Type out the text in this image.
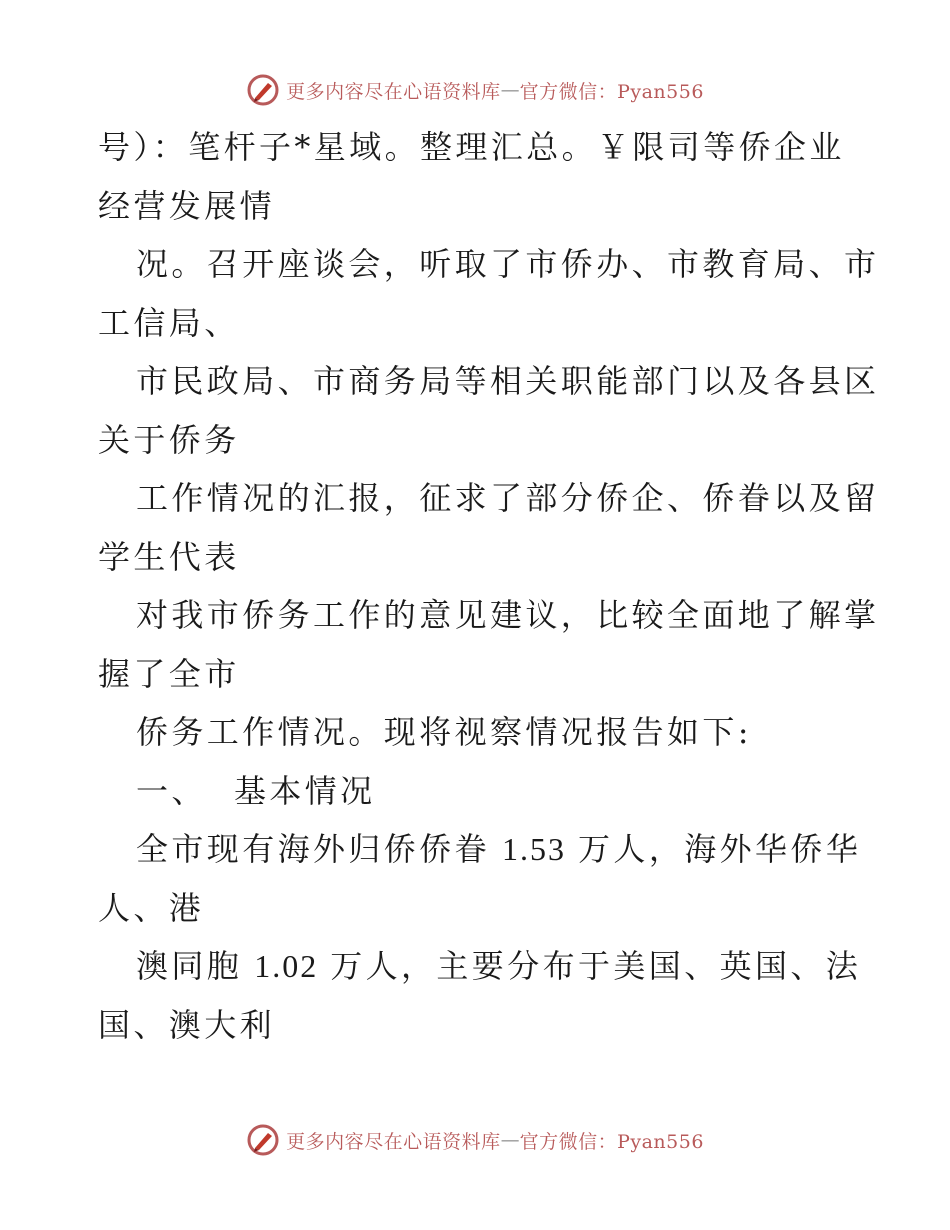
更多内容尽在心语资料库 — 官方微信：Pyan556
号）：笔杆子*星域。整理汇总。￥限司等侨企业
经营发展情
况。召开座谈会，听取了市侨办、市教育局、市
工信局、
市民政局、市商务局等相关职能部门以及各县区
关于侨务
工作情况的汇报，征求了部分侨企、侨眷以及留
学生代表
对我市侨务工作的意见建议，比较全面地了解掌
握了全市
侨务工作情况。现将视察情况报告如下:
一、  基本情况
全市现有海外归侨侨眷 1.53 万人，海外华侨华
人、港
澳同胞 1.02 万人，主要分布于美国、英国、法
国、澳大利
更多内容尽在心语资料库 — 官方微信：Pyan556
